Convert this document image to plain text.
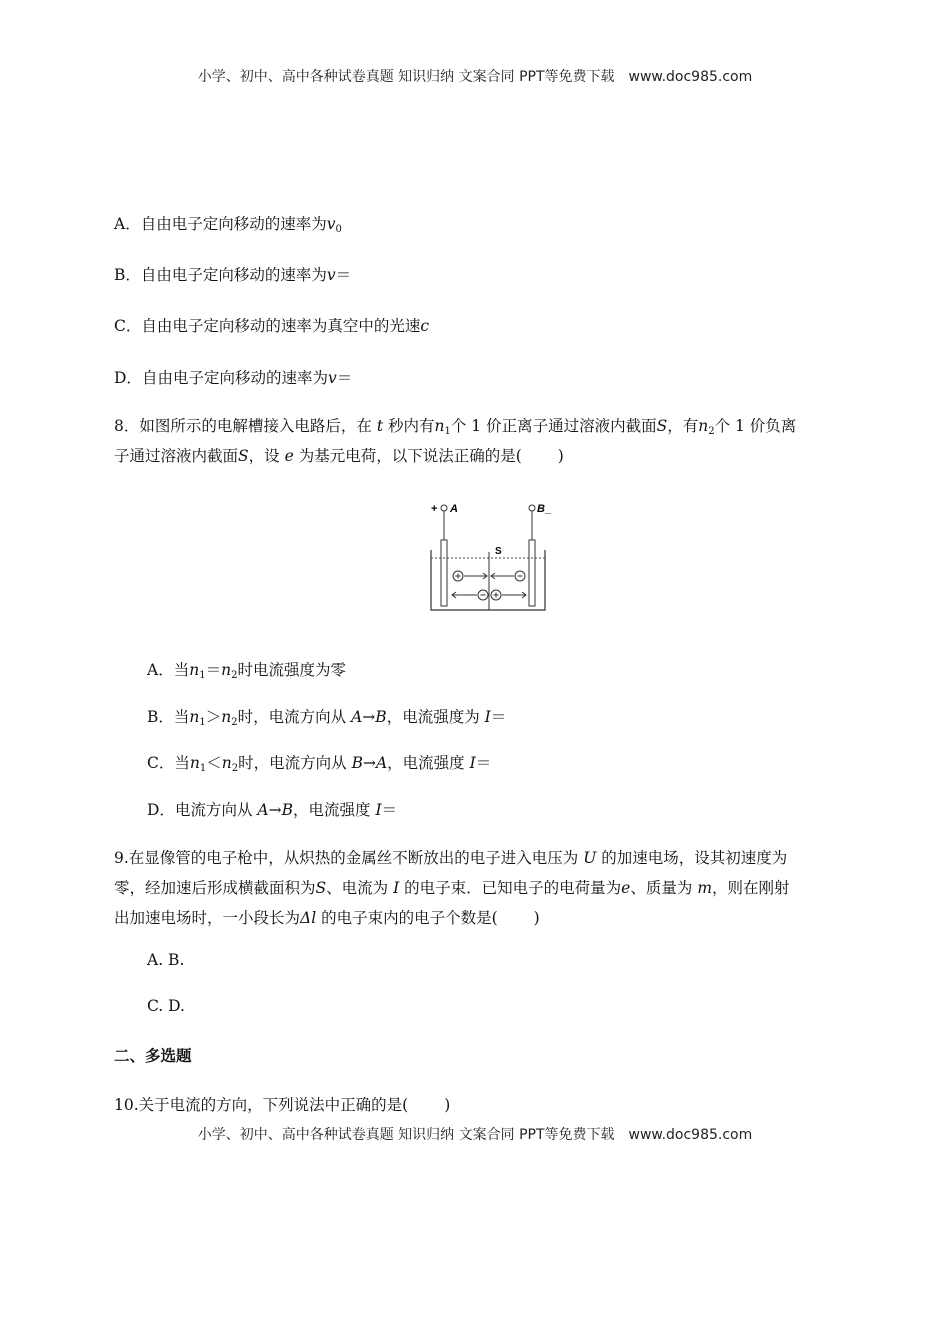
小学、初中、高中各种试卷真题 知识归纳 文案合同 PPT等免费下载 www.doc985.com
A．自由电子定向移动的速率为$v_0$
B．自由电子定向移动的速率为v＝
C．自由电子定向移动的速率为真空中的光速c
D．自由电子定向移动的速率为v＝
8．如图所示的电解槽接入电路后，在 t 秒内有$n_1$个 1 价正离子通过溶液内截面S，有$n_2$个 1 价负离
子通过溶液内截面S，设 e 为基元电荷，以下说法正确的是( )
+ A	B _
S
A．当$n_1=n_2$时电流强度为零
B．当$n_1>n_2$时，电流方向从 A→B，电流强度为 I＝
C．当$n_1<n_2$时，电流方向从 B→A，电流强度 I＝
D．电流方向从 A→B，电流强度 I＝
9.在显像管的电子枪中，从炽热的金属丝不断放出的电子进入电压为 U 的加速电场，设其初速度为
零，经加速后形成横截面积为S、电流为 I 的电子束．已知电子的电荷量为e、质量为 m，则在刚射
出加速电场时，一小段长为Δl 的电子束内的电子个数是( )
A. B.
C. D.
二、多选题
10.关于电流的方向，下列说法中正确的是( )
小学、初中、高中各种试卷真题 知识归纳 文案合同 PPT等免费下载 www.doc985.com
